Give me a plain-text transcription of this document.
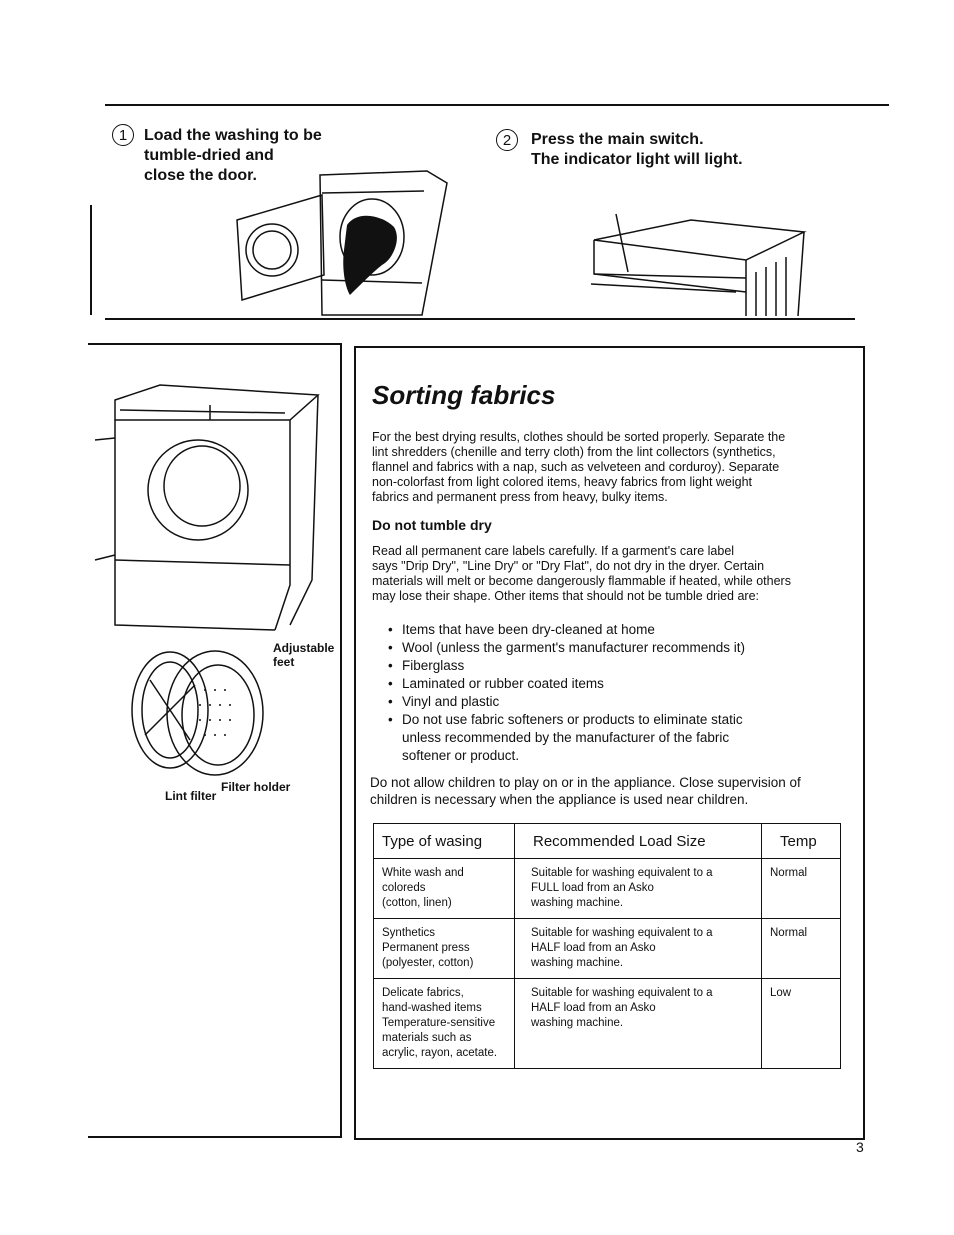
1	Load the washing to be
tumble-dried and
close the door.
2	Press the main switch.
The indicator light will light.
Adjustable
feet
Filter holder
Lint filter
Sorting fabrics
For the best drying results, clothes should be sorted properly. Separate the
lint shredders (chenille and terry cloth) from the lint collectors (synthetics,
flannel and fabrics with a nap, such as velveteen and corduroy). Separate
non-colorfast from light colored items, heavy fabrics from light weight
fabrics and permanent press from heavy, bulky items.
Do not tumble dry
Read all permanent care labels carefully. If a garment's care label
says "Drip Dry", "Line Dry" or "Dry Flat", do not dry in the dryer. Certain
materials will melt or become dangerously flammable if heated, while others
may lose their shape. Other items that should not be tumble dried are:
• Items that have been dry-cleaned at home
• Wool (unless the garment's manufacturer recommends it)
• Fiberglass
• Laminated or rubber coated items
• Vinyl and plastic
• Do not use fabric softeners or products to eliminate static
unless recommended by the manufacturer of the fabric
softener or product.
Do not allow children to play on or in the appliance. Close supervision of
children is necessary when the appliance is used near children.
Type of wasing	Recommended Load Size	Temp

White wash and
coloreds
(cotton, linen)	Suitable for washing equivalent to a
FULL load from an Asko
washing machine.	Normal

Synthetics
Permanent press
(polyester, cotton)	Suitable for washing equivalent to a
HALF load from an Asko
washing machine.	Normal

Delicate fabrics,
hand-washed items
Temperature-sensitive
materials such as
acrylic, rayon, acetate.	Suitable for washing equivalent to a
HALF load from an Asko
washing machine.	Low
3
